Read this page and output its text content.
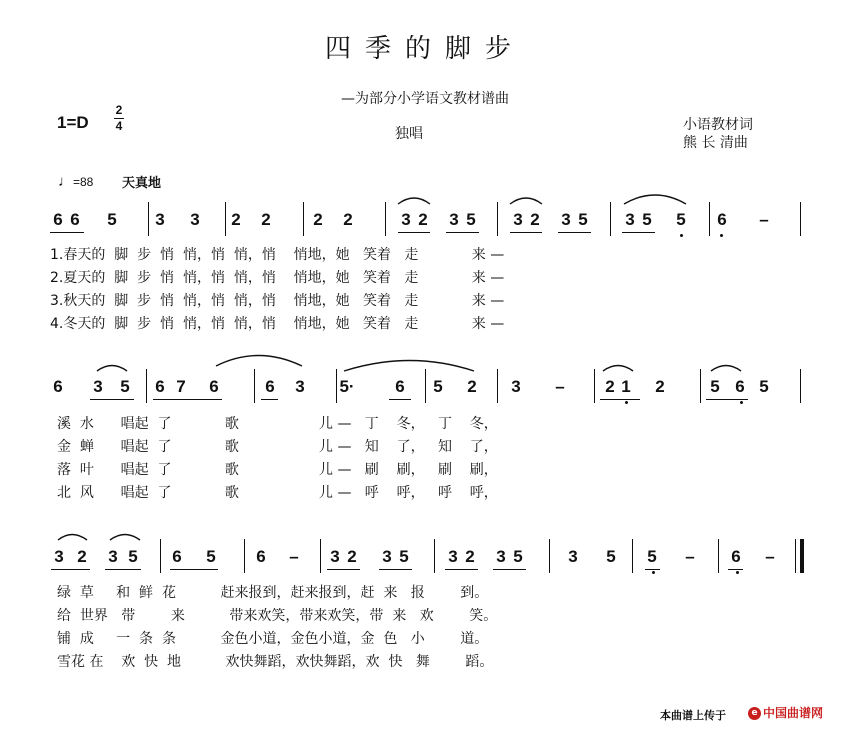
四季的脚步
—为部分小学语文教材谱曲
1=D
2
4	独唱
小语教材词
熊 长 清曲
♩=88 天真地
6 6 5 3 3 2 2	2 2	3 2 3 5 3 2 3 5 3 5 5 6 –
1.春天的  脚  步  悄  悄，悄  悄，悄    悄地，她   笑着   走            来 —
2.夏天的  脚  步  悄  悄，悄  悄，悄    悄地，她   笑着   走            来 —
3.秋天的  脚  步  悄  悄，悄  悄，悄    悄地，她   笑着   走            来 —
4.冬天的  脚  步  悄  悄，悄  悄，悄    悄地，她   笑着   走            来 —
6 3 5 6 7 6	6 3 5· 6 5 2 3 – 2 1 2	5 6 5
溪  水      唱起  了            歌                  儿 —   丁    冬，   丁    冬，
金  蝉      唱起  了            歌                  儿 —   知    了，   知    了，
落  叶      唱起  了            歌                  儿 —   刷    刷，   刷    刷，
北  风      唱起  了            歌                  儿 —   呼    呼，   呼    呼，
3 2 3 5 6 5 6 – 3 2 3 5 3 2 3 5	3 5 5 – 6 –
绿  草     和  鲜  花          赶来报到，赶来报到，赶  来   报        到。
给  世界   带        来          带来欢笑，带来欢笑，带  来   欢        笑。
铺  成     一  条  条          金色小道，金色小道，金  色   小        道。
雪花 在    欢  快  地          欢快舞蹈，欢快舞蹈，欢  快   舞        蹈。
本曲谱上传于	e 中国曲谱网
